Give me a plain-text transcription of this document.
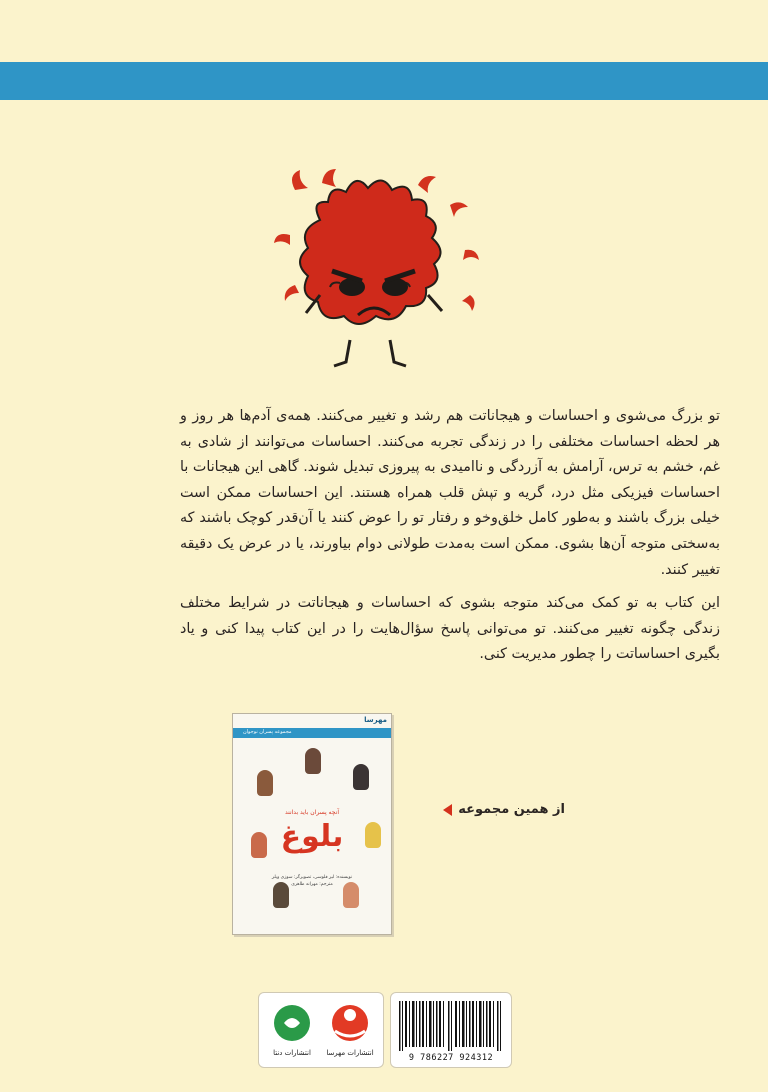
تو بزرگ می‌شوی و احساسات و هیجاناتت هم رشد و تغییر می‌کنند. همه‌ی آدم‌ها هر روز و هر لحظه احساسات مختلفی را در زندگی تجربه می‌کنند. احساسات می‌توانند از شادی به غم، خشم به ترس، آرامش به آزردگی و ناامیدی به پیروزی تبدیل شوند. گاهی این هیجانات با احساسات فیزیکی مثل درد، گریه و تپش قلب همراه هستند. این احساسات ممکن است خیلی بزرگ باشند و به‌طور کامل خلق‌وخو و رفتار تو را عوض کنند یا آن‌قدر کوچک باشند که به‌سختی متوجه آن‌ها بشوی. ممکن است به‌مدت طولانی دوام بیاورند، یا در عرض یک دقیقه تغییر کنند.

این کتاب به تو کمک می‌کند متوجه بشوی که احساسات و هیجاناتت در شرایط مختلف زندگی چگونه تغییر می‌کنند. تو می‌توانی پاسخ سؤال‌هایت را در این کتاب پیدا کنی و یاد بگیری احساساتت را چطور مدیریت کنی.

از همین مجموعه
مهرسا
مجموعه پسران نوجوان
آنچه پسران باید بدانند
بلوغ
نویسنده: لیز فلوسی، تصویرگر: سوزی ویلز
مترجم: مهرانه طاهری
انتشارات مهرسا
انتشارات دنتا	9 786227 924312
